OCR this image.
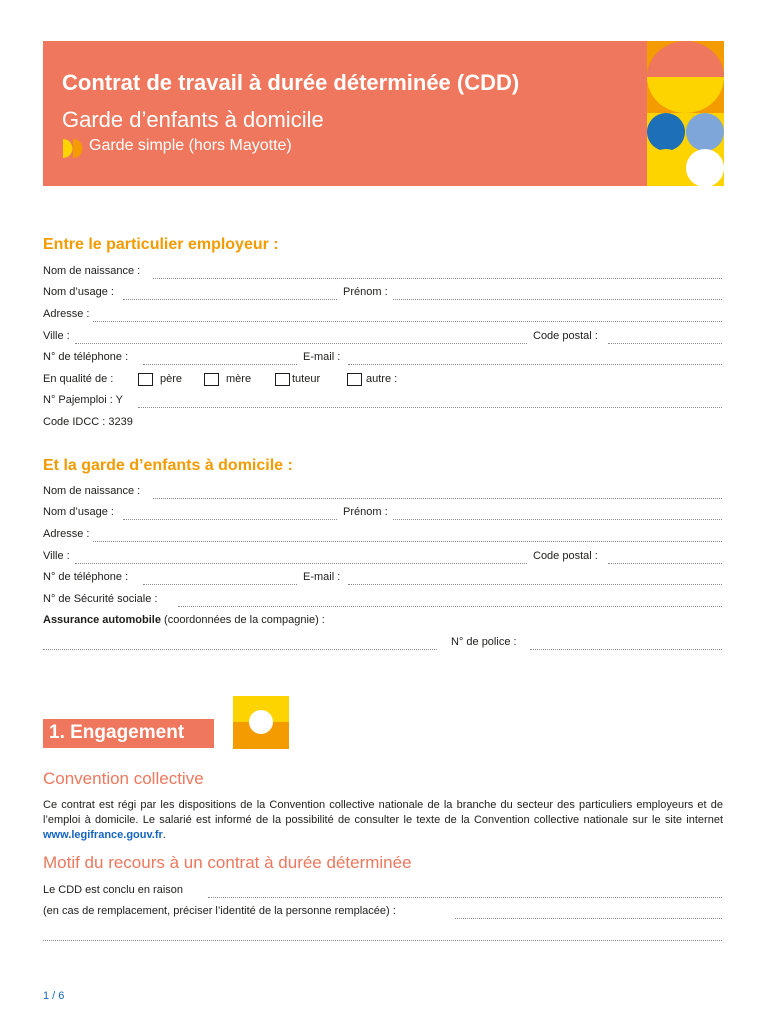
Contrat de travail à durée déterminée (CDD)
Garde d’enfants à domicile
Garde simple (hors Mayotte)
Entre le particulier employeur :
Nom de naissance :
Nom d’usage :	Prénom :
Adresse :
Ville :	Code postal :
N° de téléphone :	E-mail :
En qualité de :	père	mère	tuteur	autre :
N° Pajemploi : Y
Code IDCC : 3239
Et la garde d’enfants à domicile :
Nom de naissance :
Nom d’usage :	Prénom :
Adresse :
Ville :	Code postal :
N° de téléphone :	E-mail :
N° de Sécurité sociale :
Assurance automobile (coordonnées de la compagnie) :
N° de police :
1. Engagement
Convention collective
Ce contrat est régi par les dispositions de la Convention collective nationale de la branche du secteur des particuliers employeurs et de l’emploi à domicile. Le salarié est informé de la possibilité de consulter le texte de la Convention collective nationale sur le site internet www.legifrance.gouv.fr.
Motif du recours à un contrat à durée déterminée
Le CDD est conclu en raison
(en cas de remplacement, préciser l’identité de la personne remplacée) :
1 / 6
